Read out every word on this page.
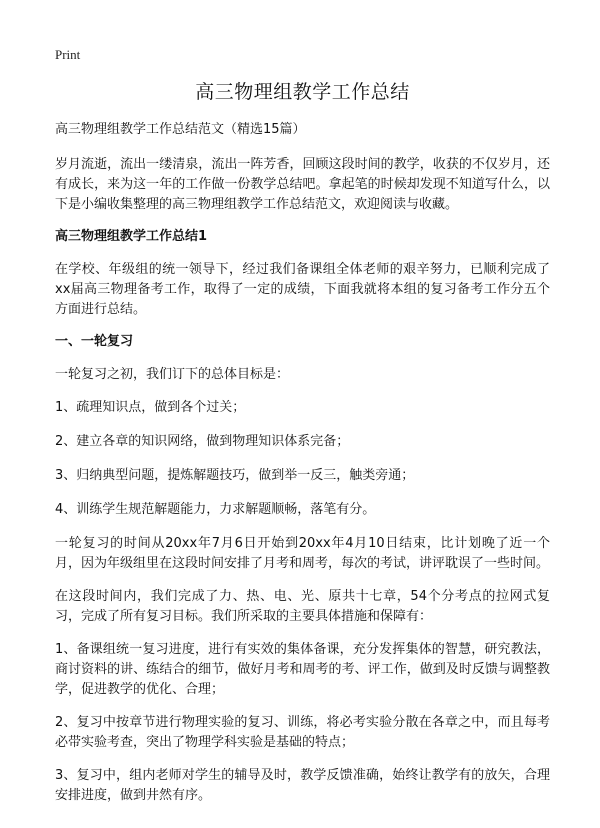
Print
高三物理组教学工作总结
高三物理组教学工作总结范文（精选15篇）

岁月流逝，流出一缕清泉，流出一阵芳香，回顾这段时间的教学，收获的不仅岁月，还有成长，来为这一年的工作做一份教学总结吧。拿起笔的时候却发现不知道写什么，以下是小编收集整理的高三物理组教学工作总结范文，欢迎阅读与收藏。

高三物理组教学工作总结1

在学校、年级组的统一领导下，经过我们备课组全体老师的艰辛努力，已顺利完成了xx届高三物理备考工作，取得了一定的成绩，下面我就将本组的复习备考工作分五个方面进行总结。

一、一轮复习

一轮复习之初，我们订下的总体目标是：

1、疏理知识点，做到各个过关；

2、建立各章的知识网络，做到物理知识体系完备；

3、归纳典型问题，提炼解题技巧，做到举一反三，触类旁通；

4、训练学生规范解题能力，力求解题顺畅，落笔有分。

一轮复习的时间从20xx年7月6日开始到20xx年4月10日结束，比计划晚了近一个月，因为年级组里在这段时间安排了月考和周考，每次的考试，讲评耽误了一些时间。

在这段时间内，我们完成了力、热、电、光、原共十七章，54个分考点的拉网式复习，完成了所有复习目标。我们所采取的主要具体措施和保障有：

1、备课组统一复习进度，进行有实效的集体备课，充分发挥集体的智慧，研究教法，商讨资料的讲、练结合的细节，做好月考和周考的考、评工作，做到及时反馈与调整教学，促进教学的优化、合理；

2、复习中按章节进行物理实验的复习、训练，将必考实验分散在各章之中，而且每考必带实验考查，突出了物理学科实验是基础的特点；

3、复习中，组内老师对学生的辅导及时，教学反馈准确，始终让教学有的放矢，合理安排进度，做到井然有序。
